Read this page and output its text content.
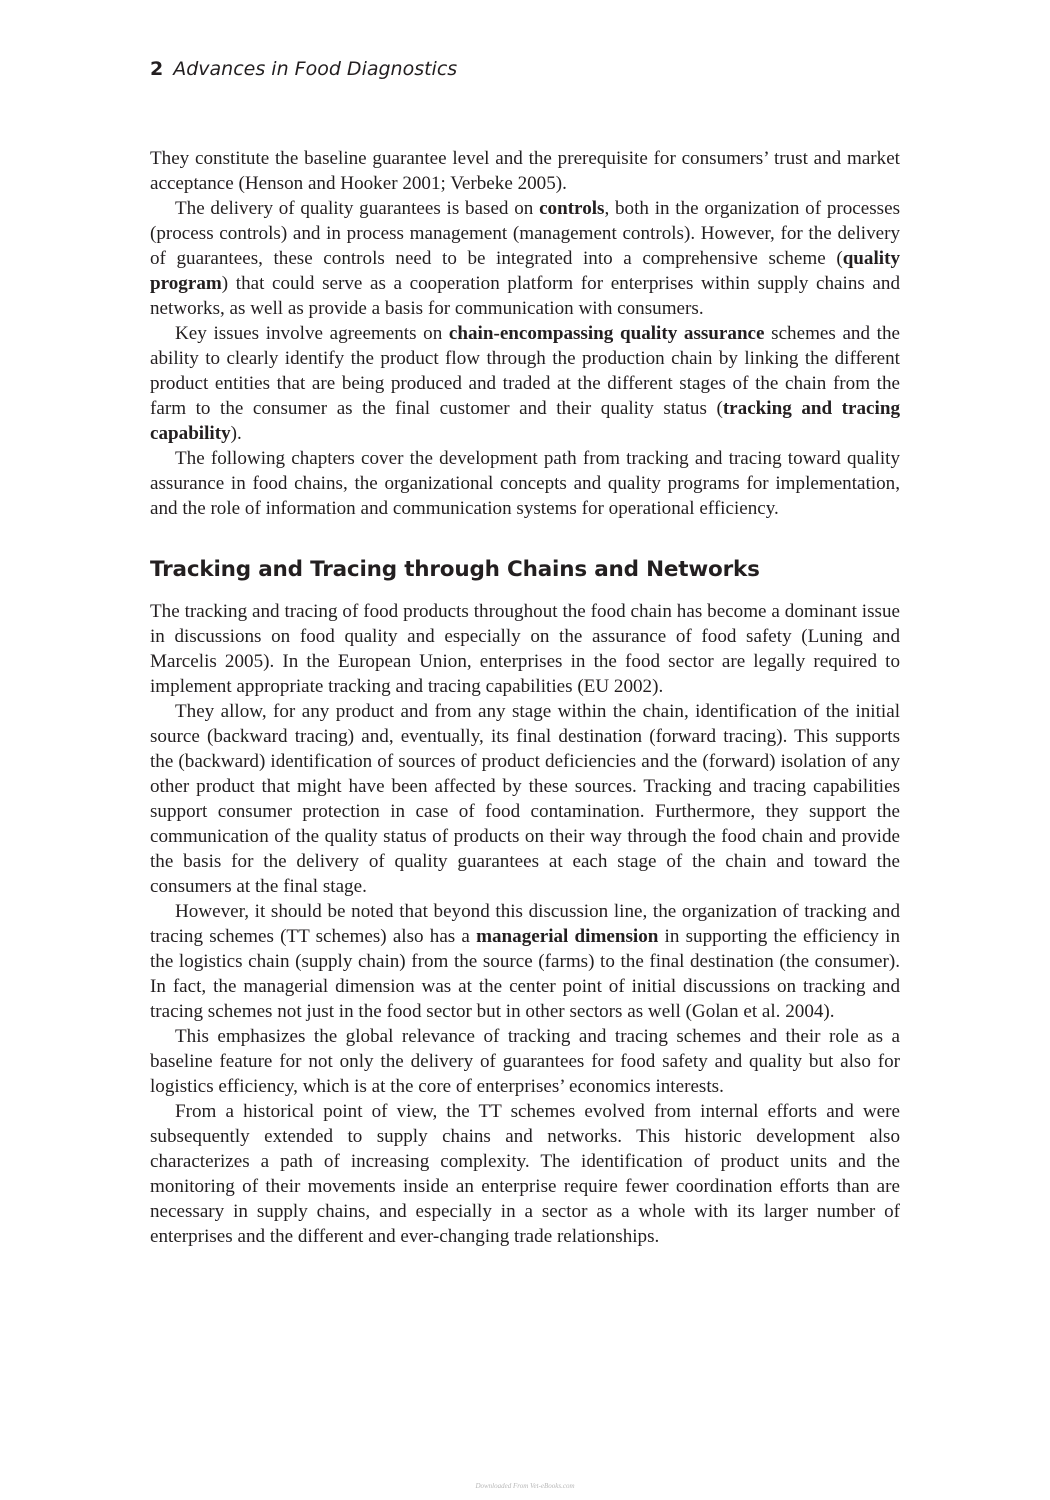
2 Advances in Food Diagnostics

They constitute the baseline guarantee level and the prerequisite for consumers’ trust and market acceptance (Henson and Hooker 2001; Verbeke 2005).

The delivery of quality guarantees is based on controls, both in the organization of processes (process controls) and in process management (management controls). However, for the delivery of guarantees, these controls need to be integrated into a comprehensive scheme (quality program) that could serve as a cooperation platform for enterprises within supply chains and networks, as well as provide a basis for communication with consumers.

Key issues involve agreements on chain-encompassing quality assurance schemes and the ability to clearly identify the product flow through the production chain by linking the different product entities that are being produced and traded at the different stages of the chain from the farm to the consumer as the final customer and their quality status (tracking and tracing capability).

The following chapters cover the development path from tracking and tracing toward quality assurance in food chains, the organizational concepts and quality programs for implementation, and the role of information and communication systems for operational efficiency.

Tracking and Tracing through Chains and Networks

The tracking and tracing of food products throughout the food chain has become a dominant issue in discussions on food quality and especially on the assurance of food safety (Luning and Marcelis 2005). In the European Union, enterprises in the food sector are legally required to implement appropriate tracking and tracing capabilities (EU 2002).

They allow, for any product and from any stage within the chain, identification of the initial source (backward tracing) and, eventually, its final destination (forward tracing). This supports the (backward) identification of sources of product deficiencies and the (forward) isolation of any other product that might have been affected by these sources. Tracking and tracing capabilities support consumer protection in case of food contamination. Furthermore, they support the communication of the quality status of products on their way through the food chain and provide the basis for the delivery of quality guarantees at each stage of the chain and toward the consumers at the final stage.

However, it should be noted that beyond this discussion line, the organization of tracking and tracing schemes (TT schemes) also has a managerial dimension in supporting the efficiency in the logistics chain (supply chain) from the source (farms) to the final destination (the consumer). In fact, the managerial dimension was at the center point of initial discussions on tracking and tracing schemes not just in the food sector but in other sectors as well (Golan et al. 2004).

This emphasizes the global relevance of tracking and tracing schemes and their role as a baseline feature for not only the delivery of guarantees for food safety and quality but also for logistics efficiency, which is at the core of enterprises’ economics interests.

From a historical point of view, the TT schemes evolved from internal efforts and were subsequently extended to supply chains and networks. This historic development also characterizes a path of increasing complexity. The identification of product units and the monitoring of their movements inside an enterprise require fewer coordination efforts than are necessary in supply chains, and especially in a sector as a whole with its larger number of enterprises and the different and ever-changing trade relationships.

Downloaded From Vet-eBooks.com
